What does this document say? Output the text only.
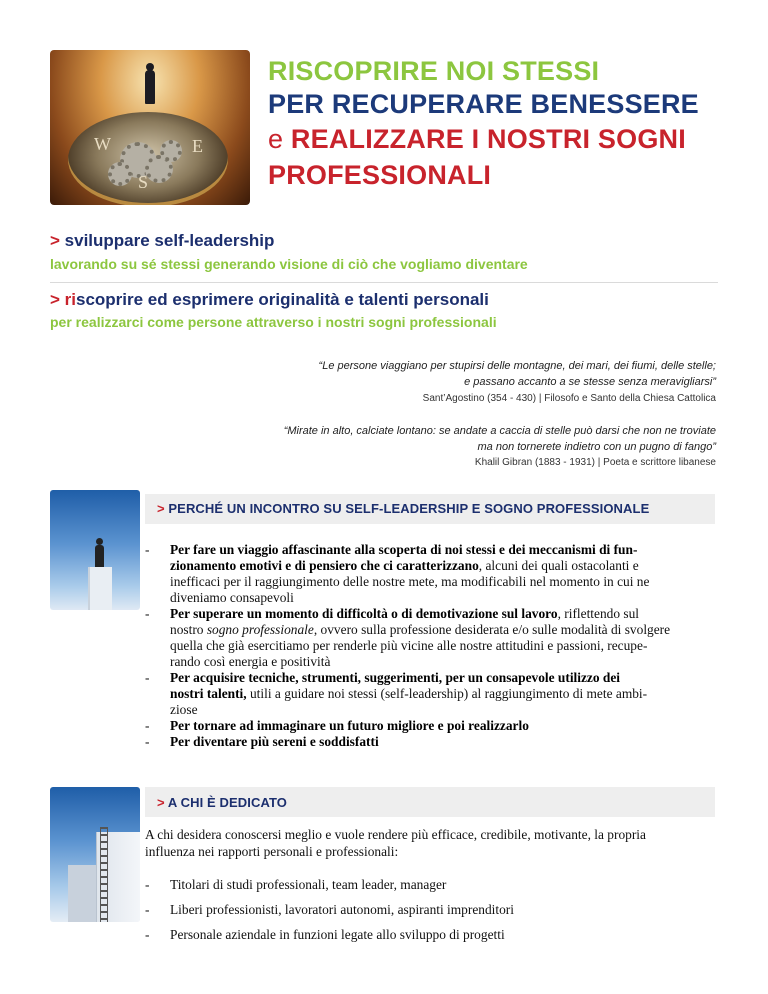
W	E
S
RISCOPRIRE NOI STESSI
PER RECUPERARE BENESSERE
e REALIZZARE I NOSTRI SOGNI
PROFESSIONALI
> sviluppare self-leadership
lavorando su sé stessi generando visione di ciò che vogliamo diventare
> riscoprire ed esprimere originalità e talenti personali
per realizzarci come persone attraverso i nostri sogni professionali
“Le persone viaggiano per stupirsi delle montagne, dei mari, dei fiumi, delle stelle;
e passano accanto a se stesse senza meravigliarsi”
Sant’Agostino (354 - 430) | Filosofo e Santo della Chiesa Cattolica
“Mirate in alto, calciate lontano: se andate a caccia di stelle può darsi che non ne troviate
ma non tornerete indietro con un pugno di fango”
Khalil Gibran (1883 - 1931) | Poeta e scrittore libanese
> PERCHÉ UN INCONTRO SU SELF-LEADERSHIP E SOGNO PROFESSIONALE
- Per fare un viaggio affascinante alla scoperta di noi stessi e dei meccanismi di fun-
zionamento emotivi e di pensiero che ci caratterizzano, alcuni dei quali ostacolanti e
inefficaci per il raggiungimento delle nostre mete, ma modificabili nel momento in cui ne
diveniamo consapevoli
- Per superare un momento di difficoltà o di demotivazione sul lavoro, riflettendo sul
nostro sogno professionale, ovvero sulla professione desiderata e/o sulle modalità di svolgere
quella che già esercitiamo per renderle più vicine alle nostre attitudini e passioni, recupe-
rando così energia e positività
- Per acquisire tecniche, strumenti, suggerimenti, per un consapevole utilizzo dei
nostri talenti, utili a guidare noi stessi (self-leadership) al raggiungimento di mete ambi-
ziose
- Per tornare ad immaginare un futuro migliore e poi realizzarlo
- Per diventare più sereni e soddisfatti
> A CHI È DEDICATO
A chi desidera conoscersi meglio e vuole rendere più efficace, credibile, motivante, la propria
influenza nei rapporti personali e professionali:
- Titolari di studi professionali, team leader, manager
- Liberi professionisti, lavoratori autonomi, aspiranti imprenditori
- Personale aziendale in funzioni legate allo sviluppo di progetti
